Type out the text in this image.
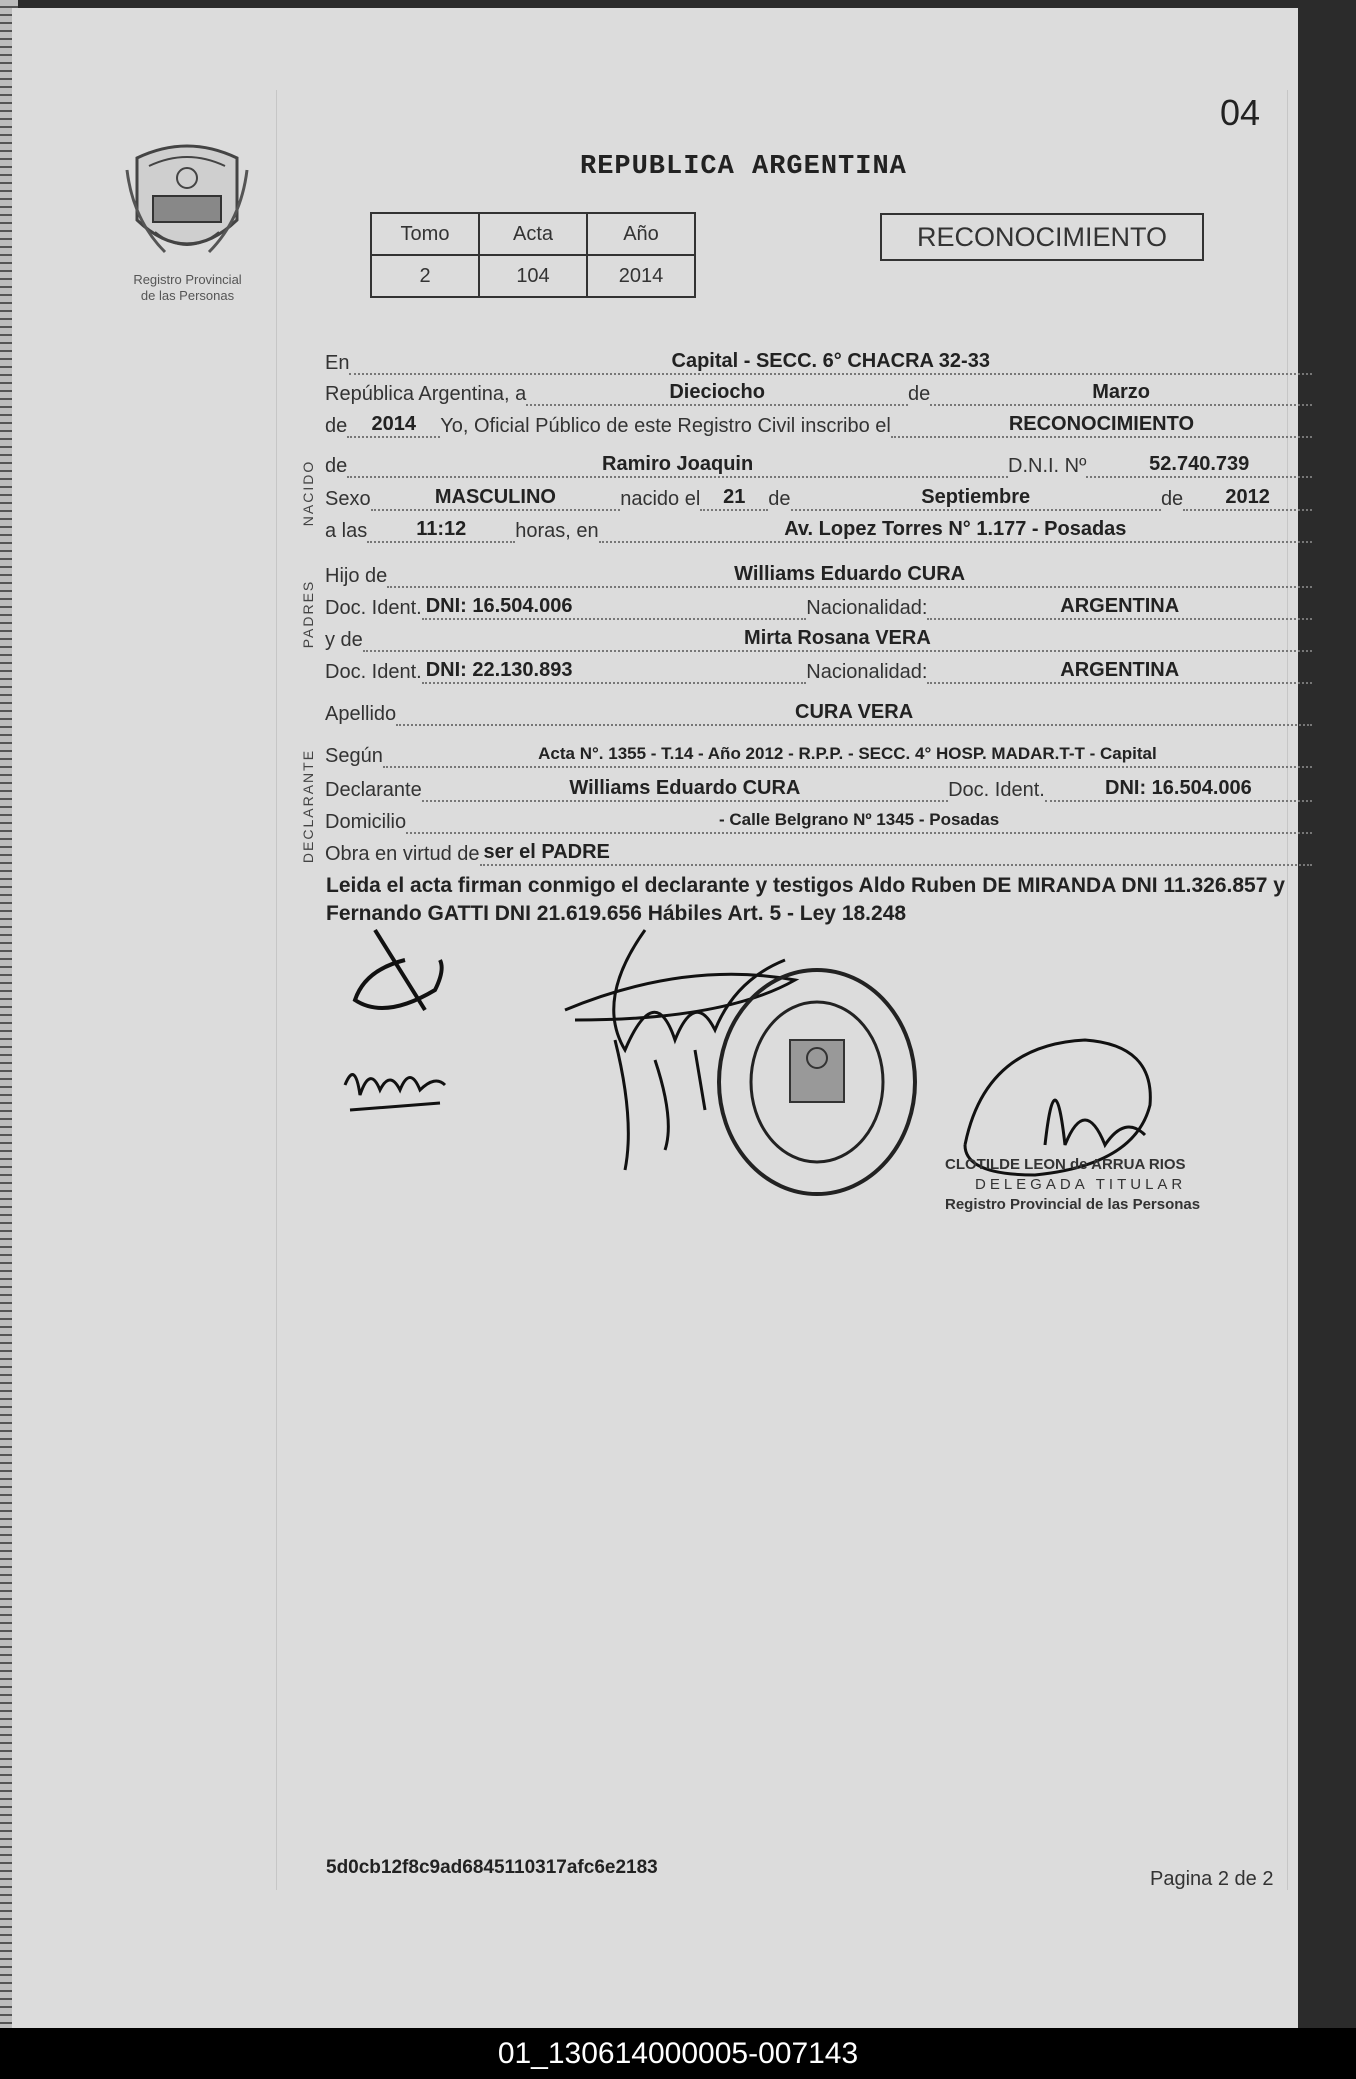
04
Registro Provincial
de las Personas
REPUBLICA ARGENTINA
Tomo	Acta	Año
2	104	2014
RECONOCIMIENTO
NACIDO
PADRES
DECLARANTE
En	Capital - SECC. 6° CHACRA 32-33
República Argentina, a	Dieciocho	de	Marzo
de	2014	Yo, Oficial Público de este Registro Civil inscribo el	RECONOCIMIENTO
de	Ramiro Joaquin	D.N.I. Nº	52.740.739
Sexo	MASCULINO	nacido el	21	de	Septiembre	de	2012
a las	11:12	horas, en	Av. Lopez Torres N° 1.177 - Posadas
Hijo de	Williams Eduardo CURA
Doc. Ident. DNI: 16.504.006	Nacionalidad:	ARGENTINA
y de	Mirta Rosana VERA
Doc. Ident. DNI: 22.130.893	Nacionalidad:	ARGENTINA
Apellido	CURA VERA
Según	Acta N°. 1355 - T.14 - Año 2012 - R.P.P. - SECC. 4° HOSP. MADAR.T-T - Capital
Declarante	Williams Eduardo CURA	Doc. Ident.	DNI: 16.504.006
Domicilio	- Calle Belgrano Nº 1345 - Posadas
Obra en virtud de ser el PADRE
Leida el acta firman conmigo el declarante y testigos Aldo Ruben DE MIRANDA DNI 11.326.857 y Fernando GATTI DNI 21.619.656 Hábiles Art. 5 - Ley 18.248
CLOTILDE LEON de ARRUA RIOS
DELEGADA TITULAR
Registro Provincial de las Personas
5d0cb12f8c9ad6845110317afc6e2183
Pagina 2 de 2
01_130614000005-007143
